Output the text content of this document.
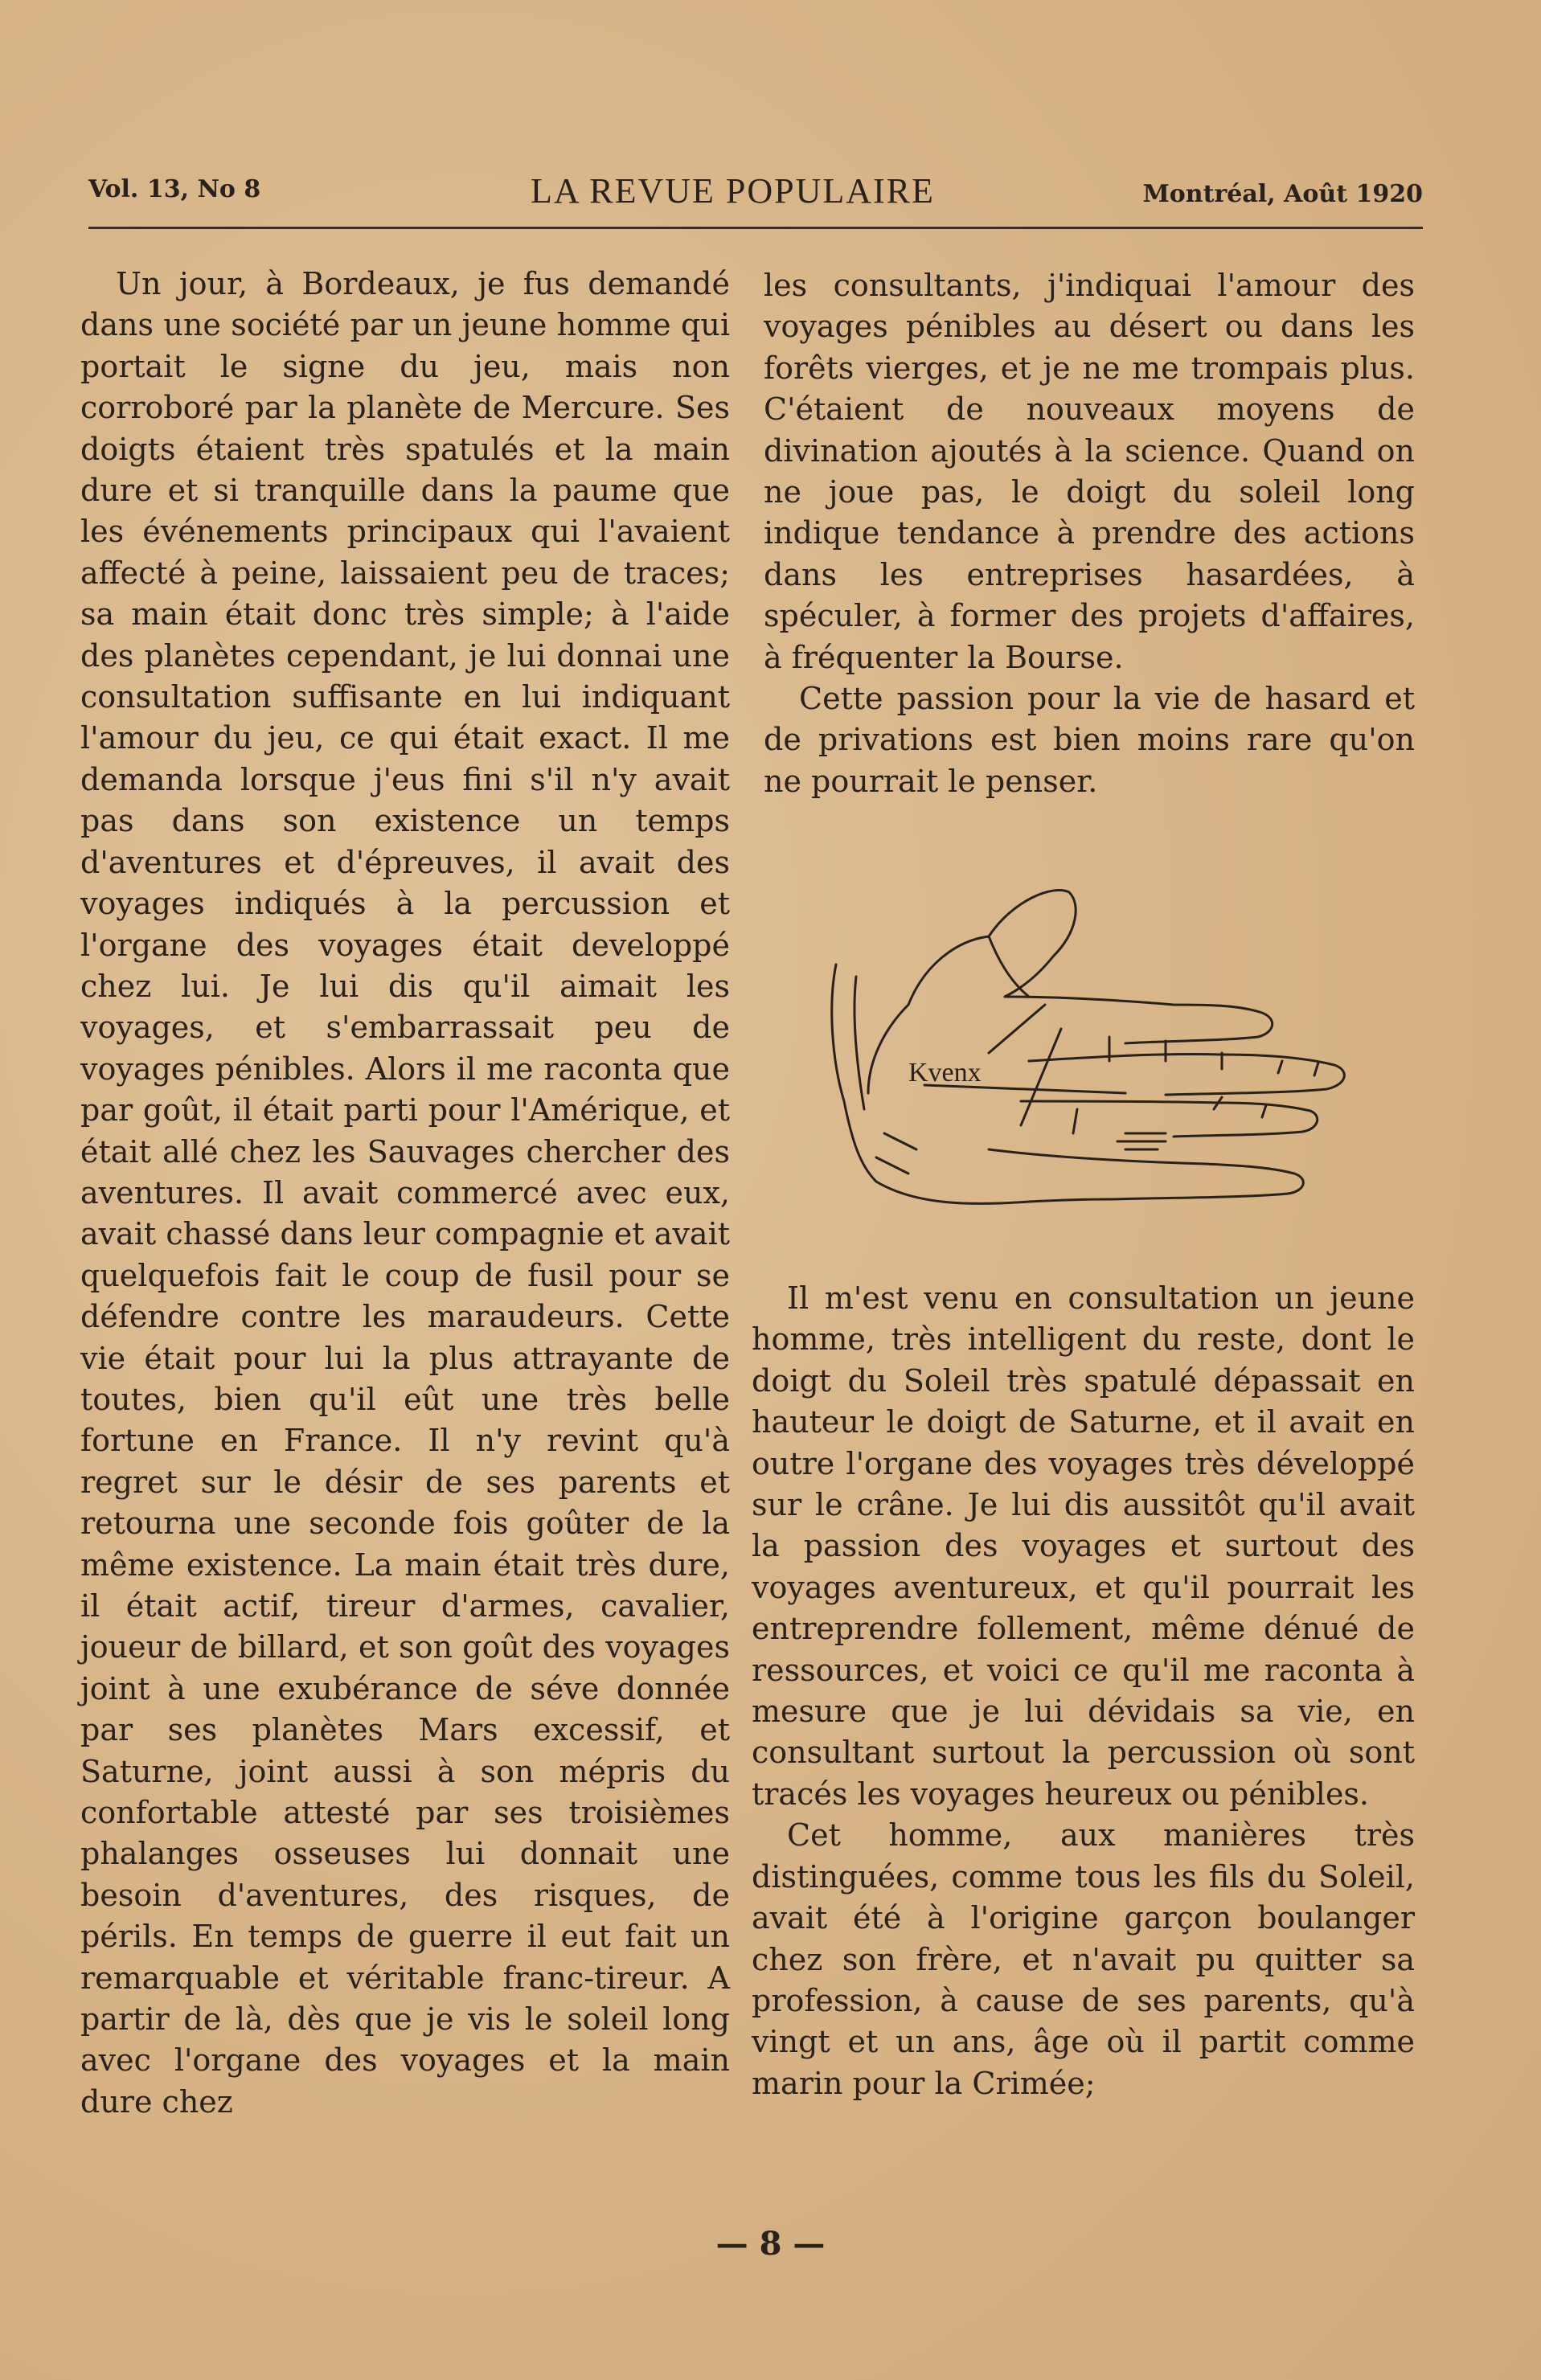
Vol. 13, No 8	LA REVUE POPULAIRE	Montréal, Août 1920

Un jour, à Bordeaux, je fus demandé dans une société par un jeune homme qui portait le signe du jeu, mais non corroboré par la planète de Mercure. Ses doigts étaient très spatulés et la main dure et si tranquille dans la paume que les événements principaux qui l'avaient affecté à peine, laissaient peu de traces; sa main était donc très simple; à l'aide des planètes cependant, je lui donnai une consultation suffisante en lui indiquant l'amour du jeu, ce qui était exact. Il me demanda lorsque j'eus fini s'il n'y avait pas dans son existence un temps d'aventures et d'épreuves, il avait des voyages indiqués à la percussion et l'organe des voyages était developpé chez lui. Je lui dis qu'il aimait les voyages, et s'embarrassait peu de voyages pénibles. Alors il me raconta que par goût, il était parti pour l'Amérique, et était allé chez les Sauvages chercher des aventures. Il avait commercé avec eux, avait chassé dans leur compagnie et avait quelquefois fait le coup de fusil pour se défendre contre les maraudeurs. Cette vie était pour lui la plus attrayante de toutes, bien qu'il eût une très belle fortune en France. Il n'y revint qu'à regret sur le désir de ses parents et retourna une seconde fois goûter de la même existence. La main était très dure, il était actif, tireur d'armes, cavalier, joueur de billard, et son goût des voyages joint à une exubérance de séve donnée par ses planètes Mars excessif, et Saturne, joint aussi à son mépris du confortable attesté par ses troisièmes phalanges osseuses lui donnait une besoin d'aventures, des risques, de périls. En temps de guerre il eut fait un remarquable et véritable franc-tireur. A partir de là, dès que je vis le soleil long avec l'organe des voyages et la main dure chez

les consultants, j'indiquai l'amour des voyages pénibles au désert ou dans les forêts vierges, et je ne me trompais plus. C'étaient de nouveaux moyens de divination ajoutés à la science. Quand on ne joue pas, le doigt du soleil long indique tendance à prendre des actions dans les entreprises hasardées, à spéculer, à former des projets d'affaires, à fréquenter la Bourse.

Cette passion pour la vie de hasard et de privations est bien moins rare qu'on ne pourrait le penser.

Kvenx

Il m'est venu en consultation un jeune homme, très intelligent du reste, dont le doigt du Soleil très spatulé dépassait en hauteur le doigt de Saturne, et il avait en outre l'organe des voyages très développé sur le crâne. Je lui dis aussitôt qu'il avait la passion des voyages et surtout des voyages aventureux, et qu'il pourrait les entreprendre follement, même dénué de ressources, et voici ce qu'il me raconta à mesure que je lui dévidais sa vie, en consultant surtout la percussion où sont tracés les voyages heureux ou pénibles.

Cet homme, aux manières très distinguées, comme tous les fils du Soleil, avait été à l'origine garçon boulanger chez son frère, et n'avait pu quitter sa profession, à cause de ses parents, qu'à vingt et un ans, âge où il partit comme marin pour la Crimée;

— 8 —
